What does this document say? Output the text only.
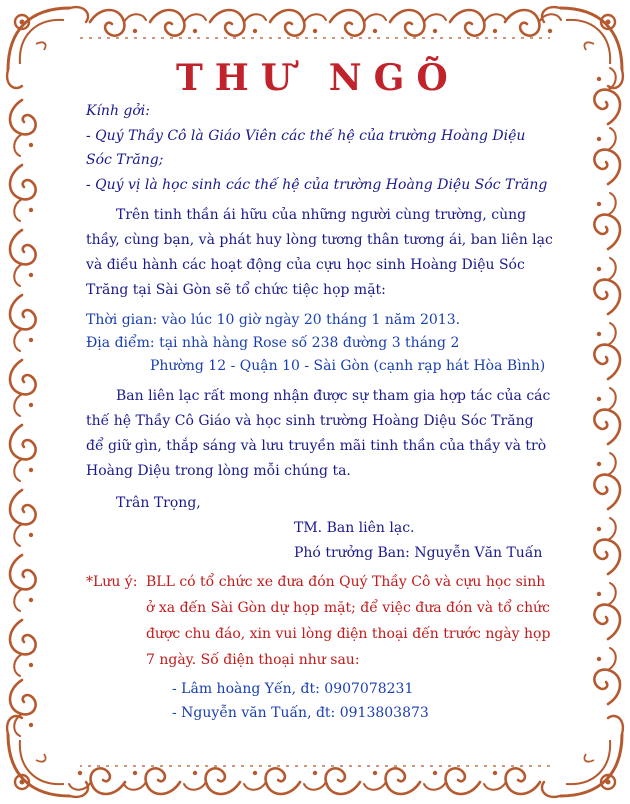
THƯ NGÕ
Kính gởi:
- Quý Thầy Cô là Giáo Viên các thế hệ của trường Hoàng Diệu
Sóc Trăng;
- Quý vị là học sinh các thế hệ của trường Hoàng Diệu Sóc Trăng
Trên tinh thần ái hữu của những người cùng trường, cùng
thầy, cùng bạn, và phát huy lòng tương thân tương ái, ban liên lạc
và điều hành các hoạt động của cựu học sinh Hoàng Diệu Sóc
Trăng tại Sài Gòn sẽ tổ chức tiệc họp mặt:
Thời gian: vào lúc 10 giờ ngày 20 tháng 1 năm 2013.
Địa điểm: tại nhà hàng Rose số 238 đường 3 tháng 2
Phường 12 - Quận 10 - Sài Gòn (cạnh rạp hát Hòa Bình)
Ban liên lạc rất mong nhận được sự tham gia hợp tác của các
thế hệ Thầy Cô Giáo và học sinh trường Hoàng Diệu Sóc Trăng
để giữ gìn, thắp sáng và lưu truyền mãi tinh thần của thầy và trò
Hoàng Diệu trong lòng mỗi chúng ta.
Trân Trọng,
TM. Ban liên lạc.
Phó trưởng Ban: Nguyễn Văn Tuấn
*Lưu ý: BLL có tổ chức xe đưa đón Quý Thầy Cô và cựu học sinh
ở xa đến Sài Gòn dự họp mặt; để việc đưa đón và tổ chức
được chu đáo, xin vui lòng điện thoại đến trước ngày họp
7 ngày. Số điện thoại như sau:
- Lâm hoàng Yến, đt: 0907078231
- Nguyễn văn Tuấn, đt: 0913803873
